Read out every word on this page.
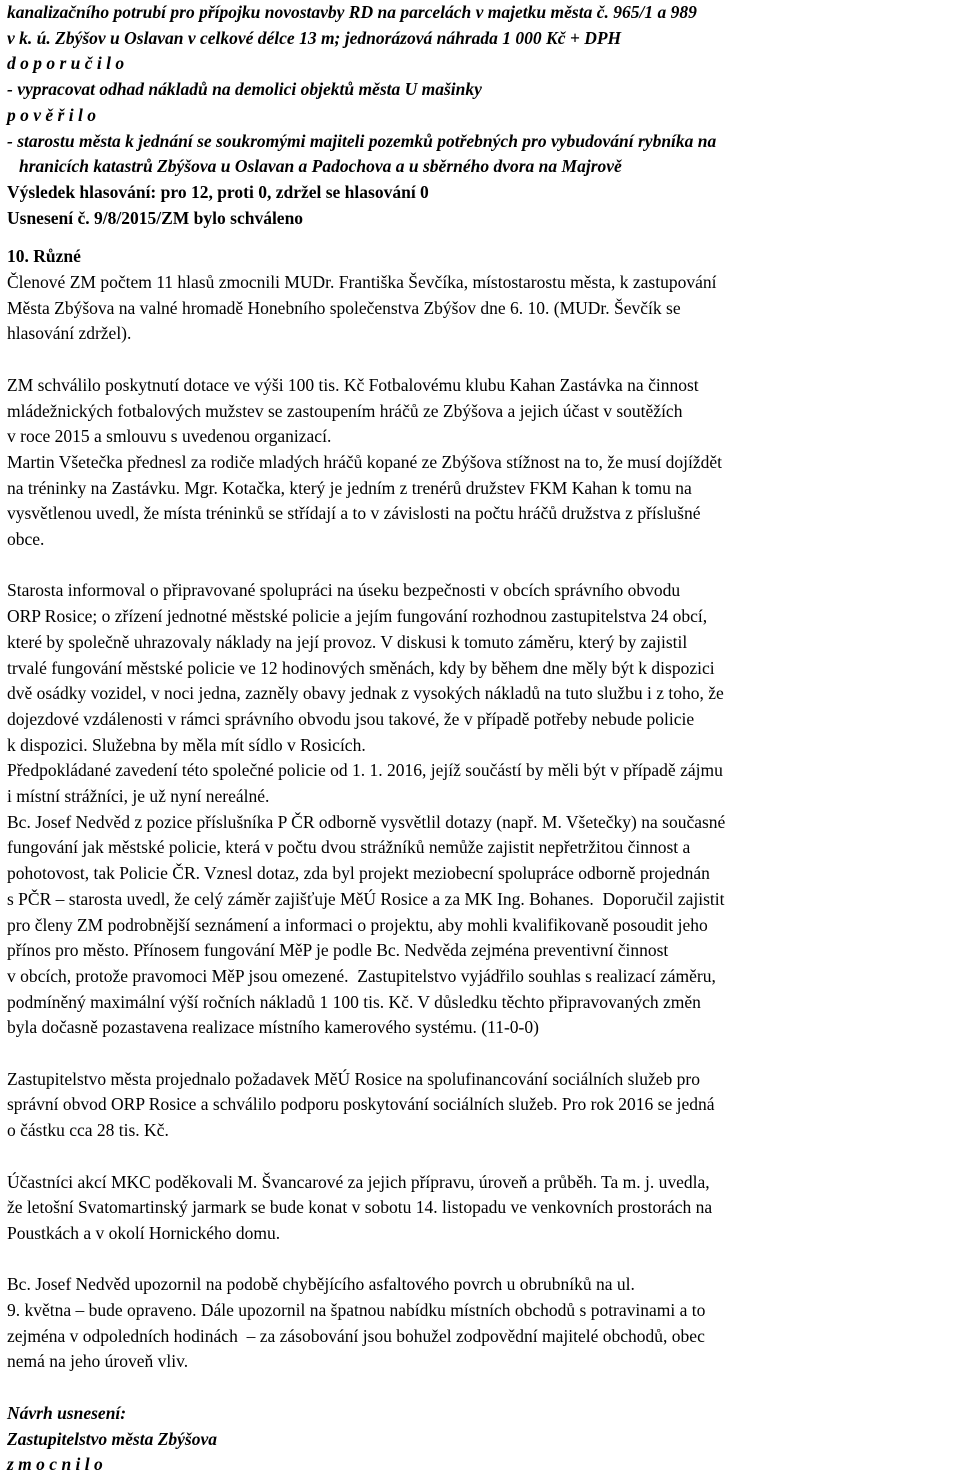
kanalizačního potrubí pro přípojku novostavby RD na parcelách v majetku města č. 965/1 a 989
v k. ú. Zbýšov u Oslavan v celkové délce 13 m; jednorázová náhrada 1 000 Kč + DPH
d o p o r u č i l o
- vypracovat odhad nákladů na demolici objektů města U mašinky
p o v ě ř i l o
- starostu města k jednání se soukromými majiteli pozemků potřebných pro vybudování rybníka na
hranicích katastrů Zbýšova u Oslavan a Padochova a u sběrného dvora na Majrově
Výsledek hlasování: pro 12, proti 0, zdržel se hlasování 0
Usnesení č. 9/8/2015/ZM bylo schváleno
10. Různé
Členové ZM počtem 11 hlasů zmocnili MUDr. Františka Ševčíka, místostarostu města, k zastupování
Města Zbýšova na valné hromadě Honebního společenstva Zbýšov dne 6. 10. (MUDr. Ševčík se
hlasování zdržel).
ZM schválilo poskytnutí dotace ve výši 100 tis. Kč Fotbalovému klubu Kahan Zastávka na činnost
mládežnických fotbalových mužstev se zastoupením hráčů ze Zbýšova a jejich účast v soutěžích
v roce 2015 a smlouvu s uvedenou organizací.
Martin Všetečka přednesl za rodiče mladých hráčů kopané ze Zbýšova stížnost na to, že musí dojíždět
na tréninky na Zastávku. Mgr. Kotačka, který je jedním z trenérů družstev FKM Kahan k tomu na
vysvětlenou uvedl, že místa tréninků se střídají a to v závislosti na počtu hráčů družstva z příslušné
obce.
Starosta informoval o připravované spolupráci na úseku bezpečnosti v obcích správního obvodu
ORP Rosice; o zřízení jednotné městské policie a jejím fungování rozhodnou zastupitelstva 24 obcí,
které by společně uhrazovaly náklady na její provoz. V diskusi k tomuto záměru, který by zajistil
trvalé fungování městské policie ve 12 hodinových směnách, kdy by během dne měly být k dispozici
dvě osádky vozidel, v noci jedna, zazněly obavy jednak z vysokých nákladů na tuto službu i z toho, že
dojezdové vzdálenosti v rámci správního obvodu jsou takové, že v případě potřeby nebude policie
k dispozici. Služebna by měla mít sídlo v Rosicích.
Předpokládané zavedení této společné policie od 1. 1. 2016, jejíž součástí by měli být v případě zájmu
i místní strážníci, je už nyní nereálné.
Bc. Josef Nedvěd z pozice příslušníka P ČR odborně vysvětlil dotazy (např. M. Všetečky) na současné
fungování jak městské policie, která v počtu dvou strážníků nemůže zajistit nepřetržitou činnost a
pohotovost, tak Policie ČR. Vznesl dotaz, zda byl projekt meziobecní spolupráce odborně projednán
s PČR – starosta uvedl, že celý záměr zajišťuje MěÚ Rosice a za MK Ing. Bohanes.  Doporučil zajistit
pro členy ZM podrobnější seznámení a informaci o projektu, aby mohli kvalifikovaně posoudit jeho
přínos pro město. Přínosem fungování MěP je podle Bc. Nedvěda zejména preventivní činnost
v obcích, protože pravomoci MěP jsou omezené.  Zastupitelstvo vyjádřilo souhlas s realizací záměru,
podmíněný maximální výší ročních nákladů 1 100 tis. Kč. V důsledku těchto připravovaných změn
byla dočasně pozastavena realizace místního kamerového systému. (11-0-0)
Zastupitelstvo města projednalo požadavek MěÚ Rosice na spolufinancování sociálních služeb pro
správní obvod ORP Rosice a schválilo podporu poskytování sociálních služeb. Pro rok 2016 se jedná
o částku cca 28 tis. Kč.
Účastníci akcí MKC poděkovali M. Švancarové za jejich přípravu, úroveň a průběh. Ta m. j. uvedla,
že letošní Svatomartinský jarmark se bude konat v sobotu 14. listopadu ve venkovních prostorách na
Poustkách a v okolí Hornického domu.
Bc. Josef Nedvěd upozornil na podobě chybějícího asfaltového povrch u obrubníků na ul.
9. května – bude opraveno. Dále upozornil na špatnou nabídku místních obchodů s potravinami a to
zejména v odpoledních hodinách  – za zásobování jsou bohužel zodpovědní majitelé obchodů, obec
nemá na jeho úroveň vliv.
Návrh usnesení:
Zastupitelstvo města Zbýšova
z m o c n i l o
